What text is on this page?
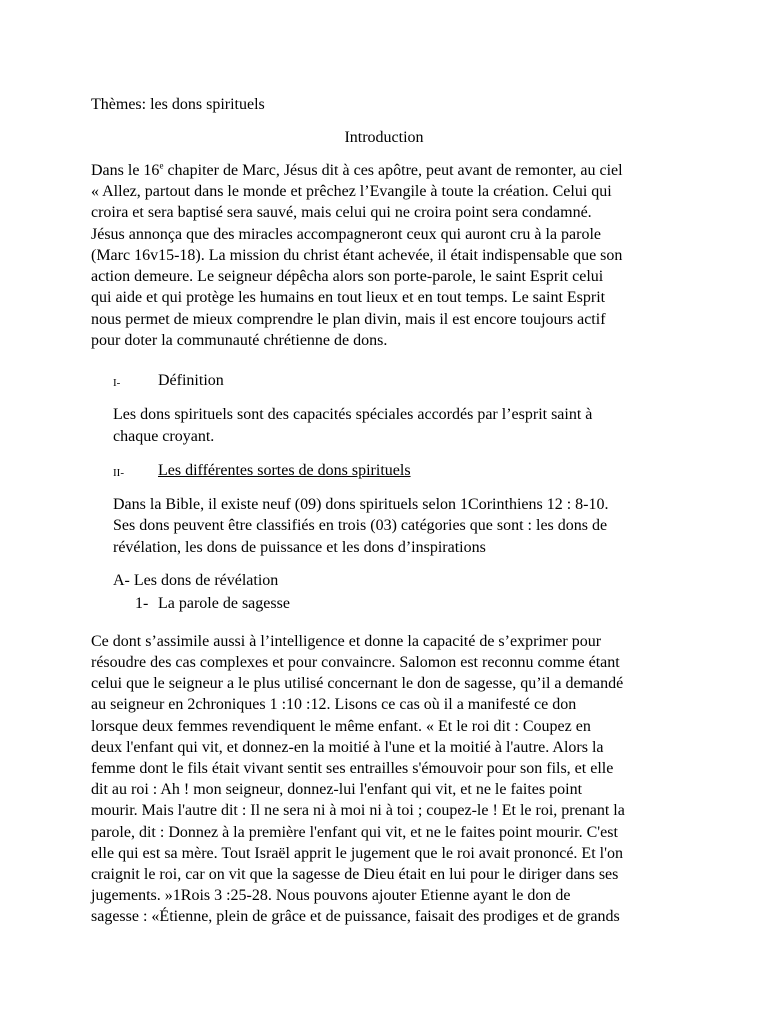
Thèmes: les dons spirituels
Introduction
Dans le 16e chapiter de Marc, Jésus dit à ces apôtre, peut avant de remonter, au ciel
« Allez, partout dans le monde et prêchez l’Evangile à toute la création. Celui qui
croira et sera baptisé sera sauvé, mais celui qui ne croira point sera condamné.
Jésus annonça que des miracles accompagneront ceux qui auront cru à la parole
(Marc 16v15-18). La mission du christ étant achevée, il était indispensable que son
action demeure. Le seigneur dépêcha alors son porte-parole, le saint Esprit celui
qui aide et qui protège les humains en tout lieux et en tout temps. Le saint Esprit
nous permet de mieux comprendre le plan divin, mais il est encore toujours actif
pour doter la communauté chrétienne de dons.
I- Définition
Les dons spirituels sont des capacités spéciales accordés par l’esprit saint à
chaque croyant.
II- Les différentes sortes de dons spirituels
Dans la Bible, il existe neuf (09) dons spirituels selon 1Corinthiens 12 : 8-10.
Ses dons peuvent être classifiés en trois (03) catégories que sont : les dons de
révélation, les dons de puissance et les dons d’inspirations
A- Les dons de révélation
1- La parole de sagesse
Ce dont s’assimile aussi à l’intelligence et donne la capacité de s’exprimer pour
résoudre des cas complexes et pour convaincre. Salomon est reconnu comme étant
celui que le seigneur a le plus utilisé concernant le don de sagesse, qu’il a demandé
au seigneur en 2chroniques 1 :10 :12. Lisons ce cas où il a manifesté ce don
lorsque deux femmes revendiquent le même enfant. « Et le roi dit : Coupez en
deux l'enfant qui vit, et donnez-en la moitié à l'une et la moitié à l'autre. Alors la
femme dont le fils était vivant sentit ses entrailles s'émouvoir pour son fils, et elle
dit au roi : Ah ! mon seigneur, donnez-lui l'enfant qui vit, et ne le faites point
mourir. Mais l'autre dit : Il ne sera ni à moi ni à toi ; coupez-le ! Et le roi, prenant la
parole, dit : Donnez à la première l'enfant qui vit, et ne le faites point mourir. C'est
elle qui est sa mère. Tout Israël apprit le jugement que le roi avait prononcé. Et l'on
craignit le roi, car on vit que la sagesse de Dieu était en lui pour le diriger dans ses
jugements. »1Rois 3 :25-28. Nous pouvons ajouter Etienne ayant le don de
sagesse : «Étienne, plein de grâce et de puissance, faisait des prodiges et de grands
